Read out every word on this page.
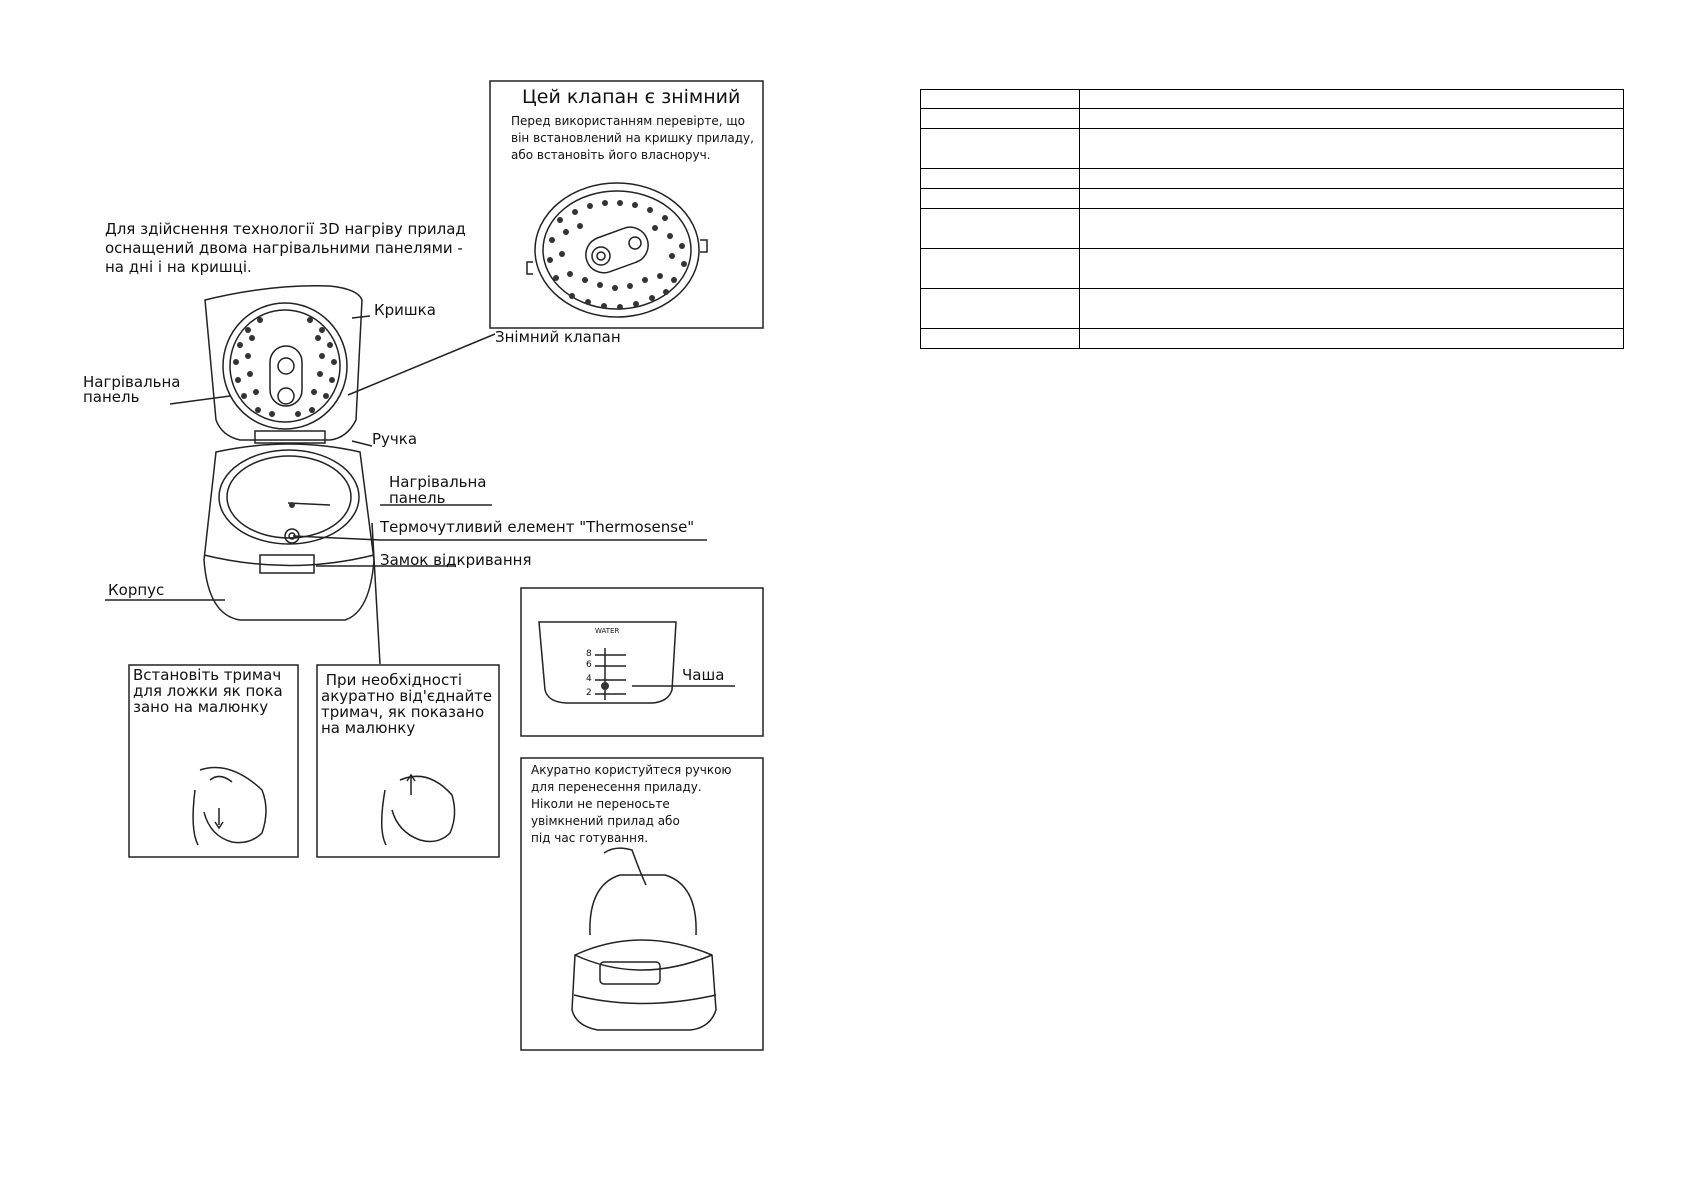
Цей клапан є знімний
Перед використанням перевірте, що він встановлений на кришку приладу, або встановіть його власноруч.
Для здійснення технології 3D нагріву прилад оснащений двома нагрівальними панелями - на дні і на кришці.
Кришка
Знімний клапан
Нагрівальна
панель
Ручка
Нагрівальна
панель
Термочутливий елемент "Thermosense"
Замок відкривання
Корпус
Чаша
WATER
8
6
4
2
Встановіть тримач
для ложки як пока
зано на малюнку
При необхідності
акуратно від'єднайте
тримач, як показано
на малюнку
Акуратно користуйтеся ручкою
для перенесення приладу.
Ніколи не переносьте
увімкнений прилад або
під час готування.
